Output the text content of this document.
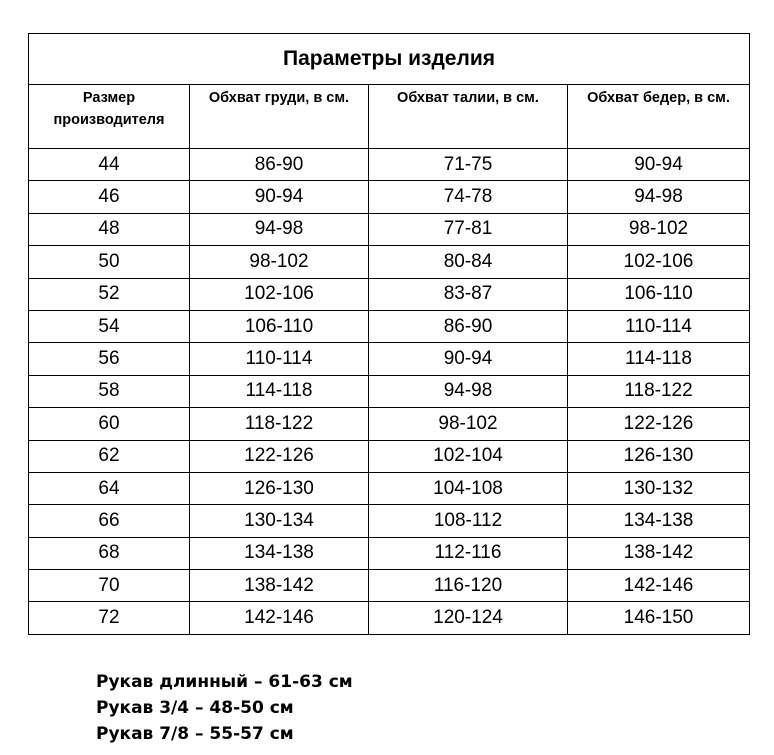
Параметры изделия			
Размер производителя	Обхват груди, в см.	Обхват талии, в см.	Обхват бедер, в см.
44	86-90	71-75	90-94
46	90-94	74-78	94-98
48	94-98	77-81	98-102
50	98-102	80-84	102-106
52	102-106	83-87	106-110
54	106-110	86-90	110-114
56	110-114	90-94	114-118
58	114-118	94-98	118-122
60	118-122	98-102	122-126
62	122-126	102-104	126-130
64	126-130	104-108	130-132
66	130-134	108-112	134-138
68	134-138	112-116	138-142
70	138-142	116-120	142-146
72	142-146	120-124	146-150
Рукав длинный – 61-63 см
Рукав 3/4 – 48-50 см
Рукав 7/8 – 55-57 см
